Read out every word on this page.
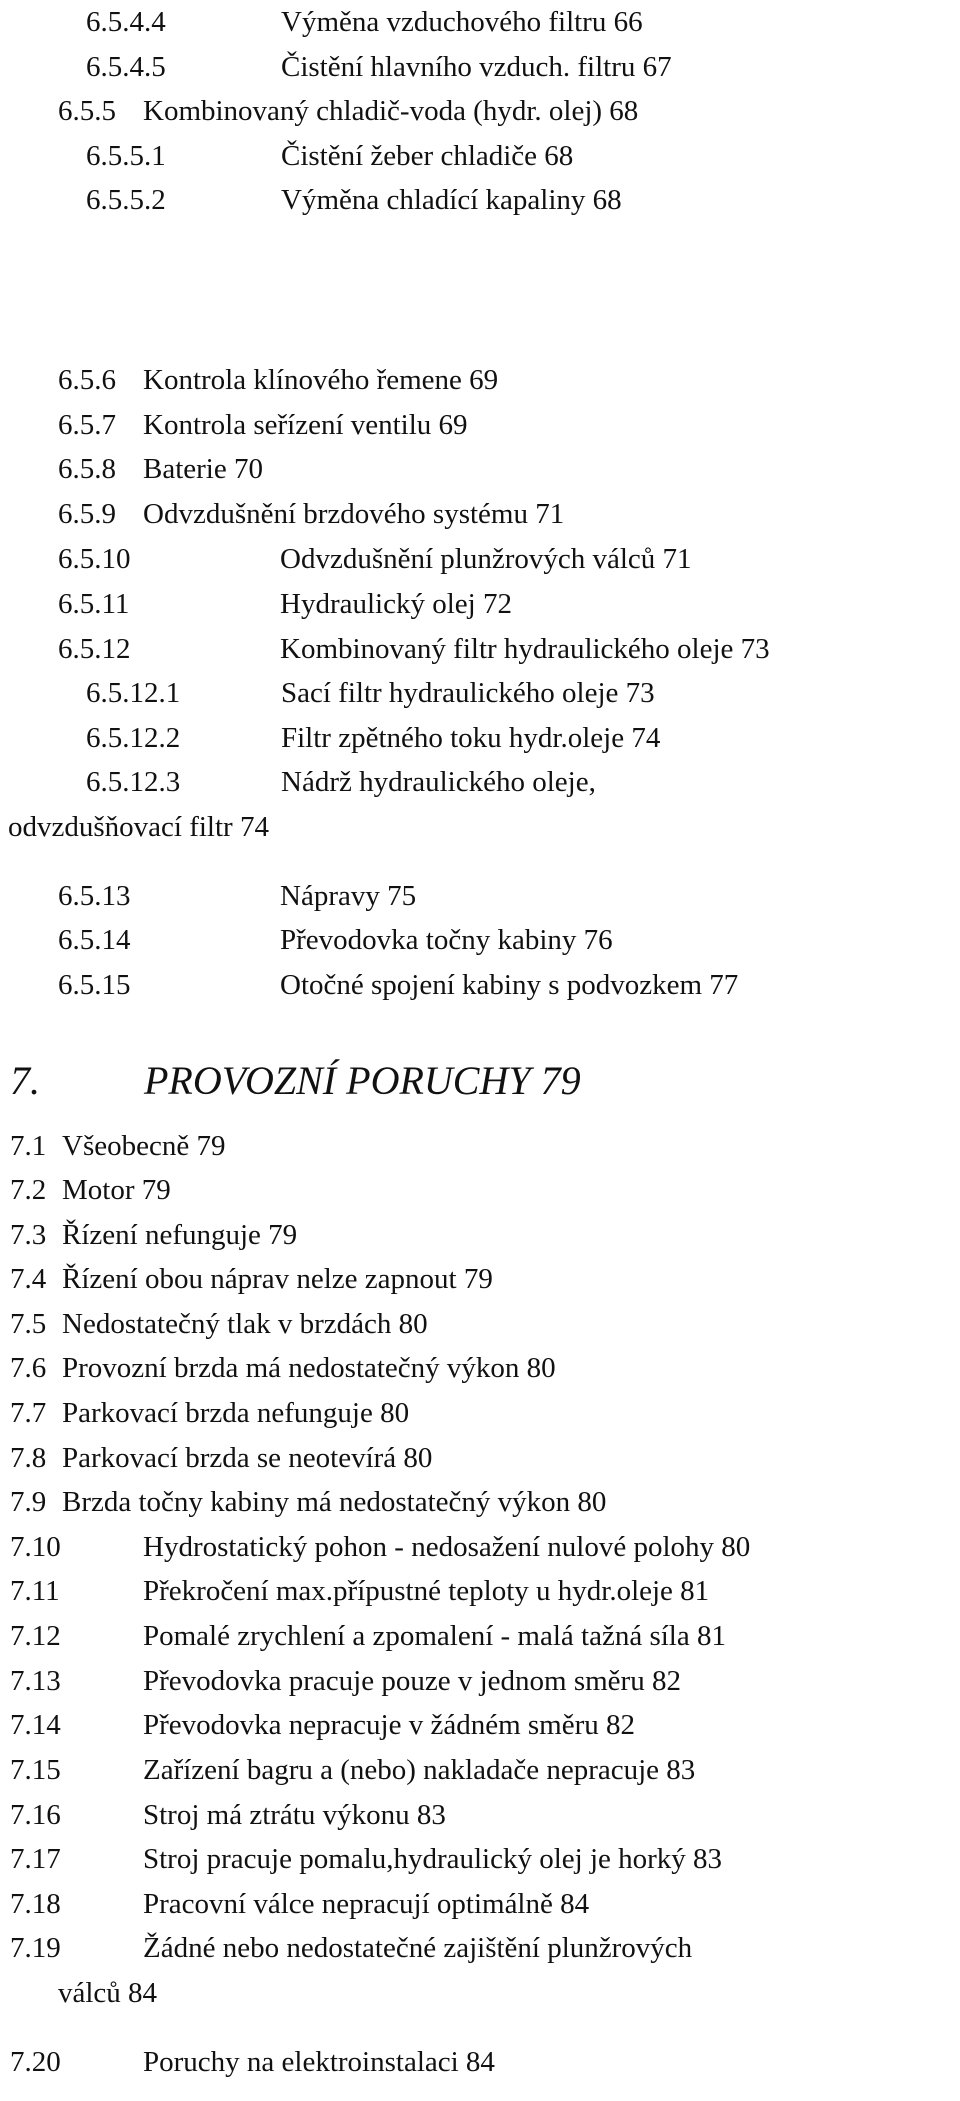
6.5.4.4	Výměna vzduchového filtru 66
6.5.4.5	Čistění hlavního vzduch. filtru 67
6.5.5 Kombinovaný chladič-voda (hydr. olej) 68
6.5.5.1	Čistění žeber chladiče 68
6.5.5.2	Výměna chladící kapaliny 68
6.5.6 Kontrola klínového řemene 69
6.5.7 Kontrola seřízení ventilu 69
6.5.8 Baterie 70
6.5.9 Odvzdušnění brzdového systému 71
6.5.10	Odvzdušnění plunžrových válců 71
6.5.11	Hydraulický olej 72
6.5.12	Kombinovaný filtr hydraulického oleje 73
6.5.12.1	Sací filtr hydraulického oleje 73
6.5.12.2	Filtr zpětného toku hydr.oleje 74
6.5.12.3	Nádrž hydraulického oleje,
odvzdušňovací filtr 74
6.5.13	Nápravy 75
6.5.14	Převodovka točny kabiny 76
6.5.15	Otočné spojení kabiny s podvozkem 77
7.	PROVOZNÍ PORUCHY 79
7.1 Všeobecně 79
7.2 Motor 79
7.3 Řízení nefunguje 79
7.4 Řízení obou náprav nelze zapnout 79
7.5 Nedostatečný tlak v brzdách 80
7.6 Provozní brzda má nedostatečný výkon 80
7.7 Parkovací brzda nefunguje 80
7.8 Parkovací brzda se neotevírá 80
7.9 Brzda točny kabiny má nedostatečný výkon 80
7.10	Hydrostatický pohon - nedosažení nulové polohy 80
7.11	Překročení max.přípustné teploty u hydr.oleje 81
7.12	Pomalé zrychlení a zpomalení - malá tažná síla 81
7.13	Převodovka pracuje pouze v jednom směru 82
7.14	Převodovka nepracuje v žádném směru 82
7.15	Zařízení bagru a (nebo) nakladače nepracuje 83
7.16	Stroj má ztrátu výkonu 83
7.17	Stroj pracuje pomalu,hydraulický olej je horký 83
7.18	Pracovní válce nepracují optimálně 84
7.19	Žádné nebo nedostatečné zajištění plunžrových
válců 84
7.20	Poruchy na elektroinstalaci 84
